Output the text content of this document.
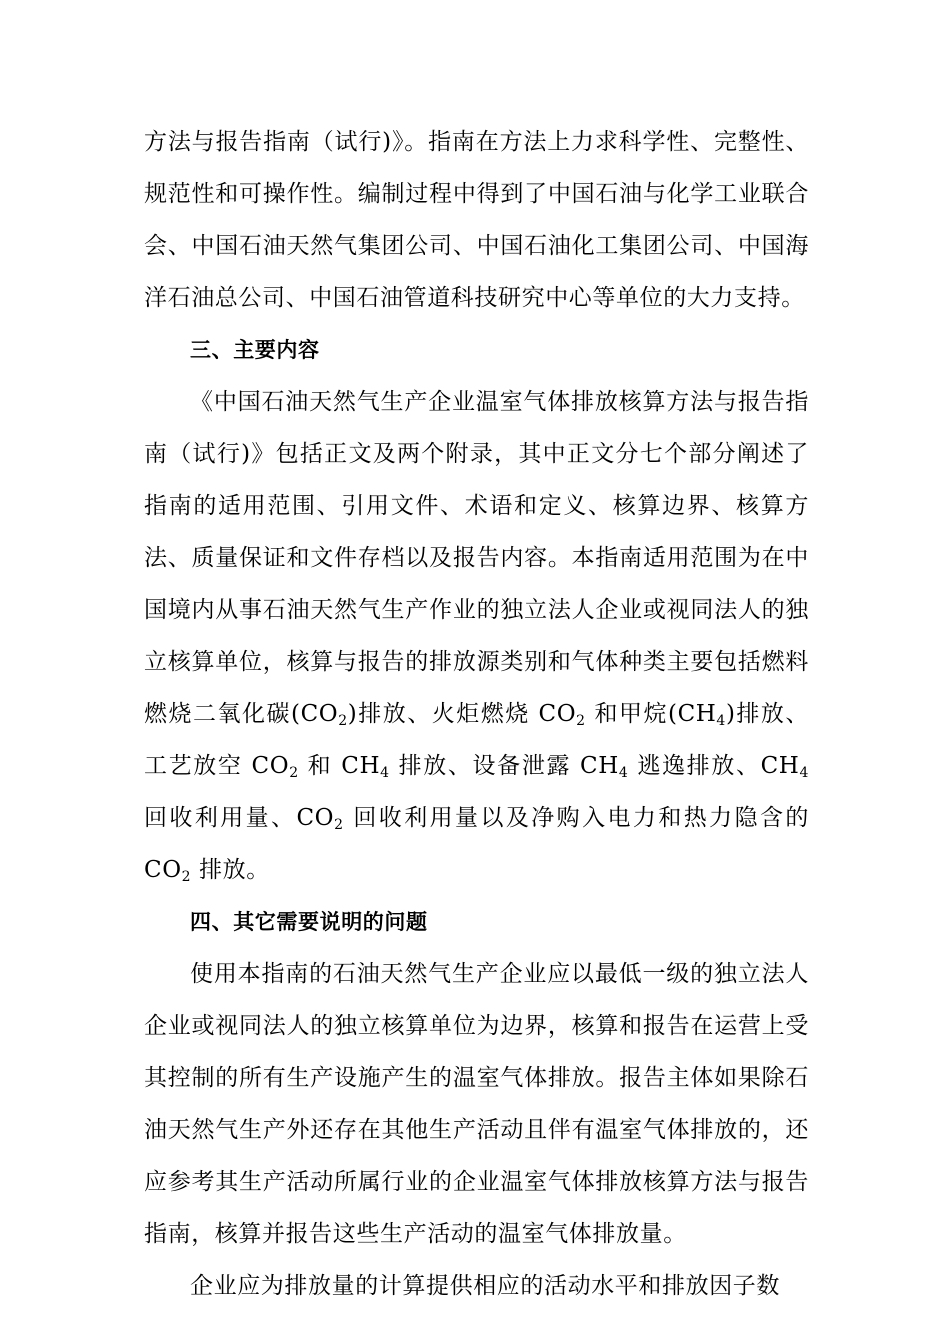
方法与报告指南（试行)》。指南在方法上力求科学性、完整性、规范性和可操作性。编制过程中得到了中国石油与化学工业联合会、中国石油天然气集团公司、中国石油化工集团公司、中国海洋石油总公司、中国石油管道科技研究中心等单位的大力支持。

三、主要内容

《中国石油天然气生产企业温室气体排放核算方法与报告指南（试行)》包括正文及两个附录，其中正文分七个部分阐述了指南的适用范围、引用文件、术语和定义、核算边界、核算方法、质量保证和文件存档以及报告内容。本指南适用范围为在中国境内从事石油天然气生产作业的独立法人企业或视同法人的独立核算单位，核算与报告的排放源类别和气体种类主要包括燃料燃烧二氧化碳$(CO_2)$排放、火炬燃烧 $CO_2$ 和甲烷$(CH_4)$排放、工艺放空 $CO_2$ 和 $CH_4$ 排放、设备泄露 $CH_4$ 逃逸排放、$CH_4$ 回收利用量、$CO_2$ 回收利用量以及净购入电力和热力隐含的 $CO_2$ 排放。

四、其它需要说明的问题

使用本指南的石油天然气生产企业应以最低一级的独立法人企业或视同法人的独立核算单位为边界，核算和报告在运营上受其控制的所有生产设施产生的温室气体排放。报告主体如果除石油天然气生产外还存在其他生产活动且伴有温室气体排放的，还应参考其生产活动所属行业的企业温室气体排放核算方法与报告指南，核算并报告这些生产活动的温室气体排放量。

企业应为排放量的计算提供相应的活动水平和排放因子数
